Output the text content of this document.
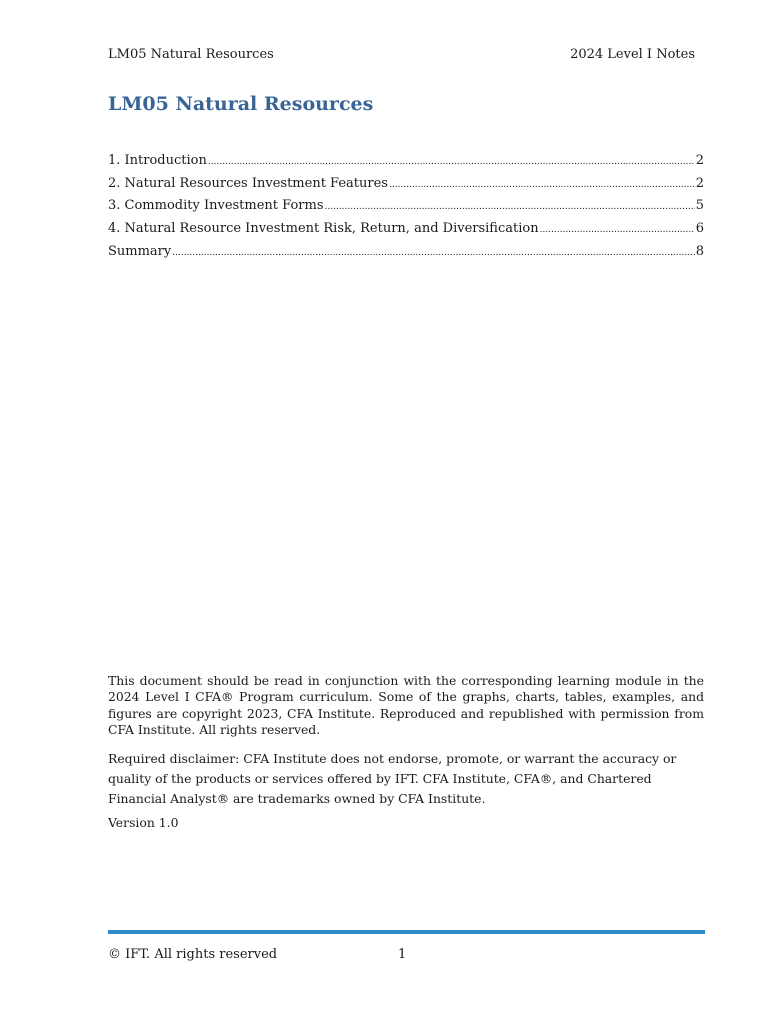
LM05 Natural Resources	2024 Level I Notes
LM05 Natural Resources
1. Introduction .....	2
2. Natural Resources Investment Features .....	2
3. Commodity Investment Forms .....	5
4. Natural Resource Investment Risk, Return, and Diversification .....	6
Summary .....	8

This document should be read in conjunction with the corresponding learning module in the 2024 Level I CFA® Program curriculum. Some of the graphs, charts, tables, examples, and figures are copyright 2023, CFA Institute. Reproduced and republished with permission from CFA Institute. All rights reserved.

Required disclaimer: CFA Institute does not endorse, promote, or warrant the accuracy or quality of the products or services offered by IFT. CFA Institute, CFA®, and Chartered Financial Analyst® are trademarks owned by CFA Institute.

Version 1.0

© IFT. All rights reserved	1
